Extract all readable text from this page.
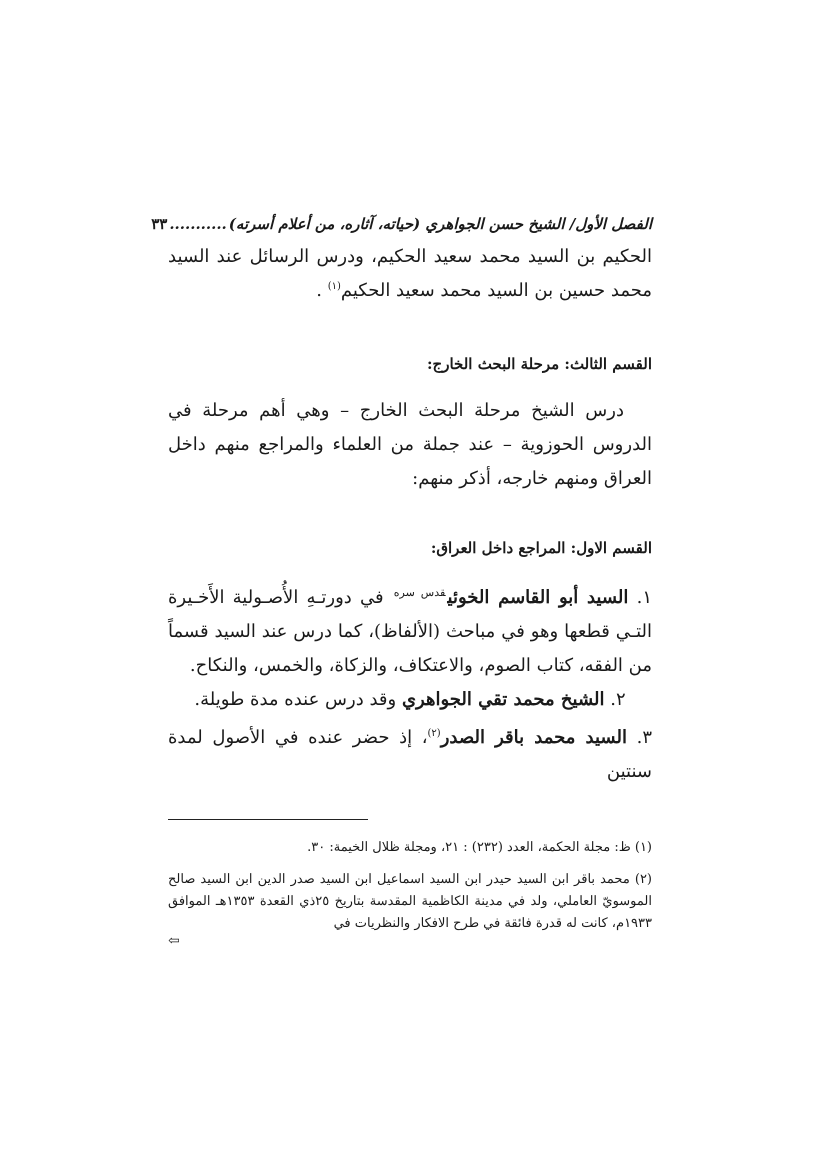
الفصل الأول/ الشيخ حسن الجواهري (حياته، آثاره، من أعلام أسرته)
...........
٣٣

الحكيم بن السيد محمد سعيد الحكيم، ودرس الرسائل عند السيد محمد حسين بن السيد محمد سعيد الحكيم$^{(١)}$ .

القسم الثالث: مرحلة البحث الخارج:

درس الشيخ مرحلة البحث الخارج – وهي أهم مرحلة في الدروس الحوزوية – عند جملة من العلماء والمراجع منهم داخل العراق ومنهم خارجه، أذكر منهم:

القسم الاول: المراجع داخل العراق:

١. السيد أبو القاسم الخوئي$^{قدس سره}$ في دورتـهِ الأُصـولية الأَخـيرة التـي قطعها وهو في مباحث (الألفاظ)، كما درس عند السيد قسماً من الفقه، كتاب الصوم، والاعتكاف، والزكاة، والخمس، والنكاح.

٢. الشيخ محمد تقي الجواهري وقد درس عنده مدة طويلة.

٣. السيد محمد باقر الصدر$^{(٢)}$، إذ حضر عنده في الأصول لمدة سنتين

(١) ظ: مجلة الحكمة، العدد (٢٣٢) : ٢١، ومجلة ظلال الخيمة: ٣٠.

(٢) محمد باقر ابن السيد حيدر ابن السيد اسماعيل ابن السيد صدر الدين ابن السيد صالح الموسويّ العاملي، ولد في مدينة الكاظمية المقدسة بتاريخ ٢٥ذي القعدة ١٣٥٣هـ الموافق ١٩٣٣م، كانت له قدرة فائقة في طرح الافكار والنظريات في

⇦
